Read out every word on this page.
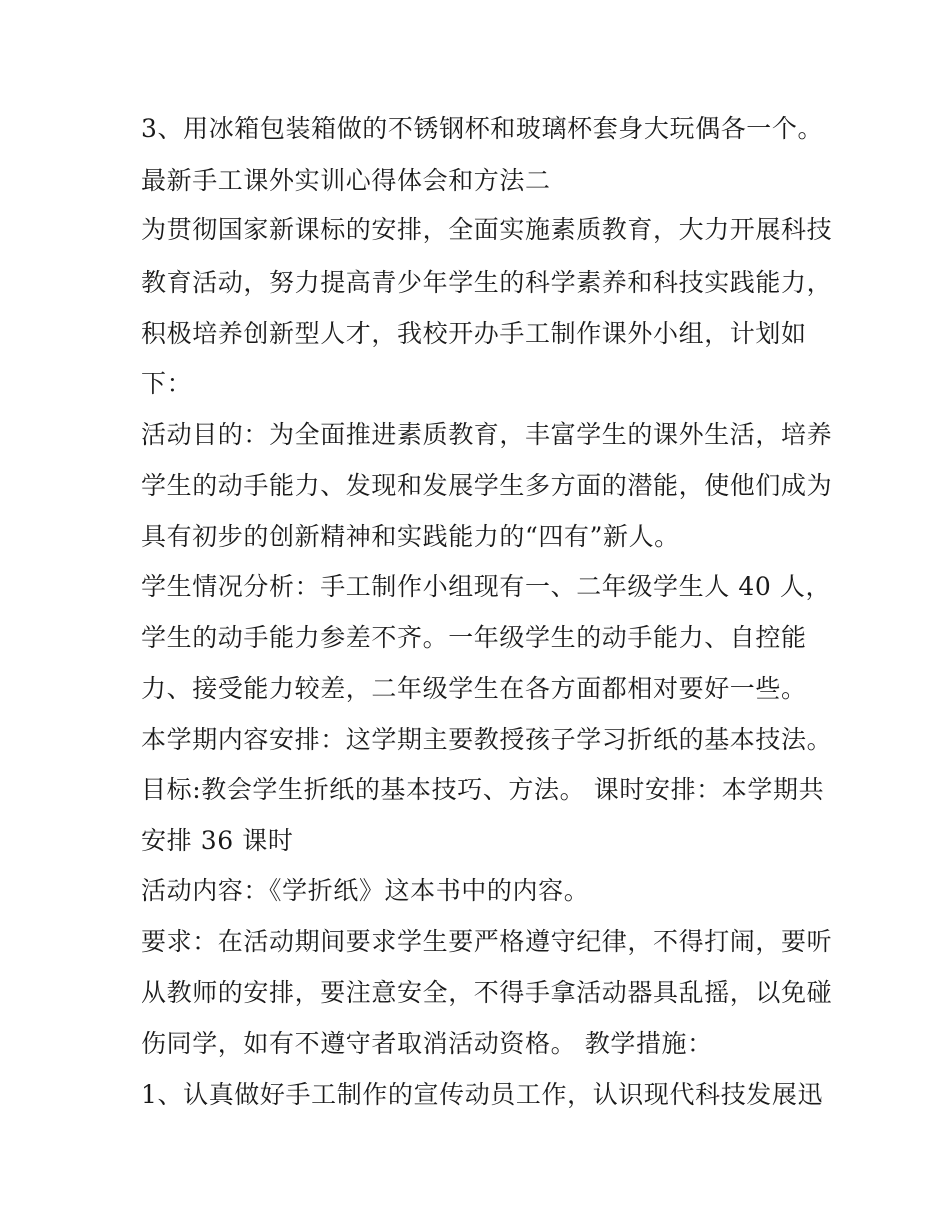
3、用冰箱包装箱做的不锈钢杯和玻璃杯套身大玩偶各一个。

最新手工课外实训心得体会和方法二

为贯彻国家新课标的安排，全面实施素质教育，大力开展科技

教育活动，努力提高青少年学生的科学素养和科技实践能力，

积极培养创新型人才，我校开办手工制作课外小组，计划如

下：

活动目的：为全面推进素质教育，丰富学生的课外生活，培养

学生的动手能力、发现和发展学生多方面的潜能，使他们成为

具有初步的创新精神和实践能力的“四有”新人。

学生情况分析：手工制作小组现有一、二年级学生人 40 人，

学生的动手能力参差不齐。一年级学生的动手能力、自控能

力、接受能力较差，二年级学生在各方面都相对要好一些。

本学期内容安排：这学期主要教授孩子学习折纸的基本技法。

目标:教会学生折纸的基本技巧、方法。 课时安排：本学期共

安排 36 课时

活动内容：《学折纸》这本书中的内容。

要求：在活动期间要求学生要严格遵守纪律，不得打闹，要听

从教师的安排，要注意安全，不得手拿活动器具乱摇，以免碰

伤同学，如有不遵守者取消活动资格。 教学措施：

1、认真做好手工制作的宣传动员工作，认识现代科技发展迅
